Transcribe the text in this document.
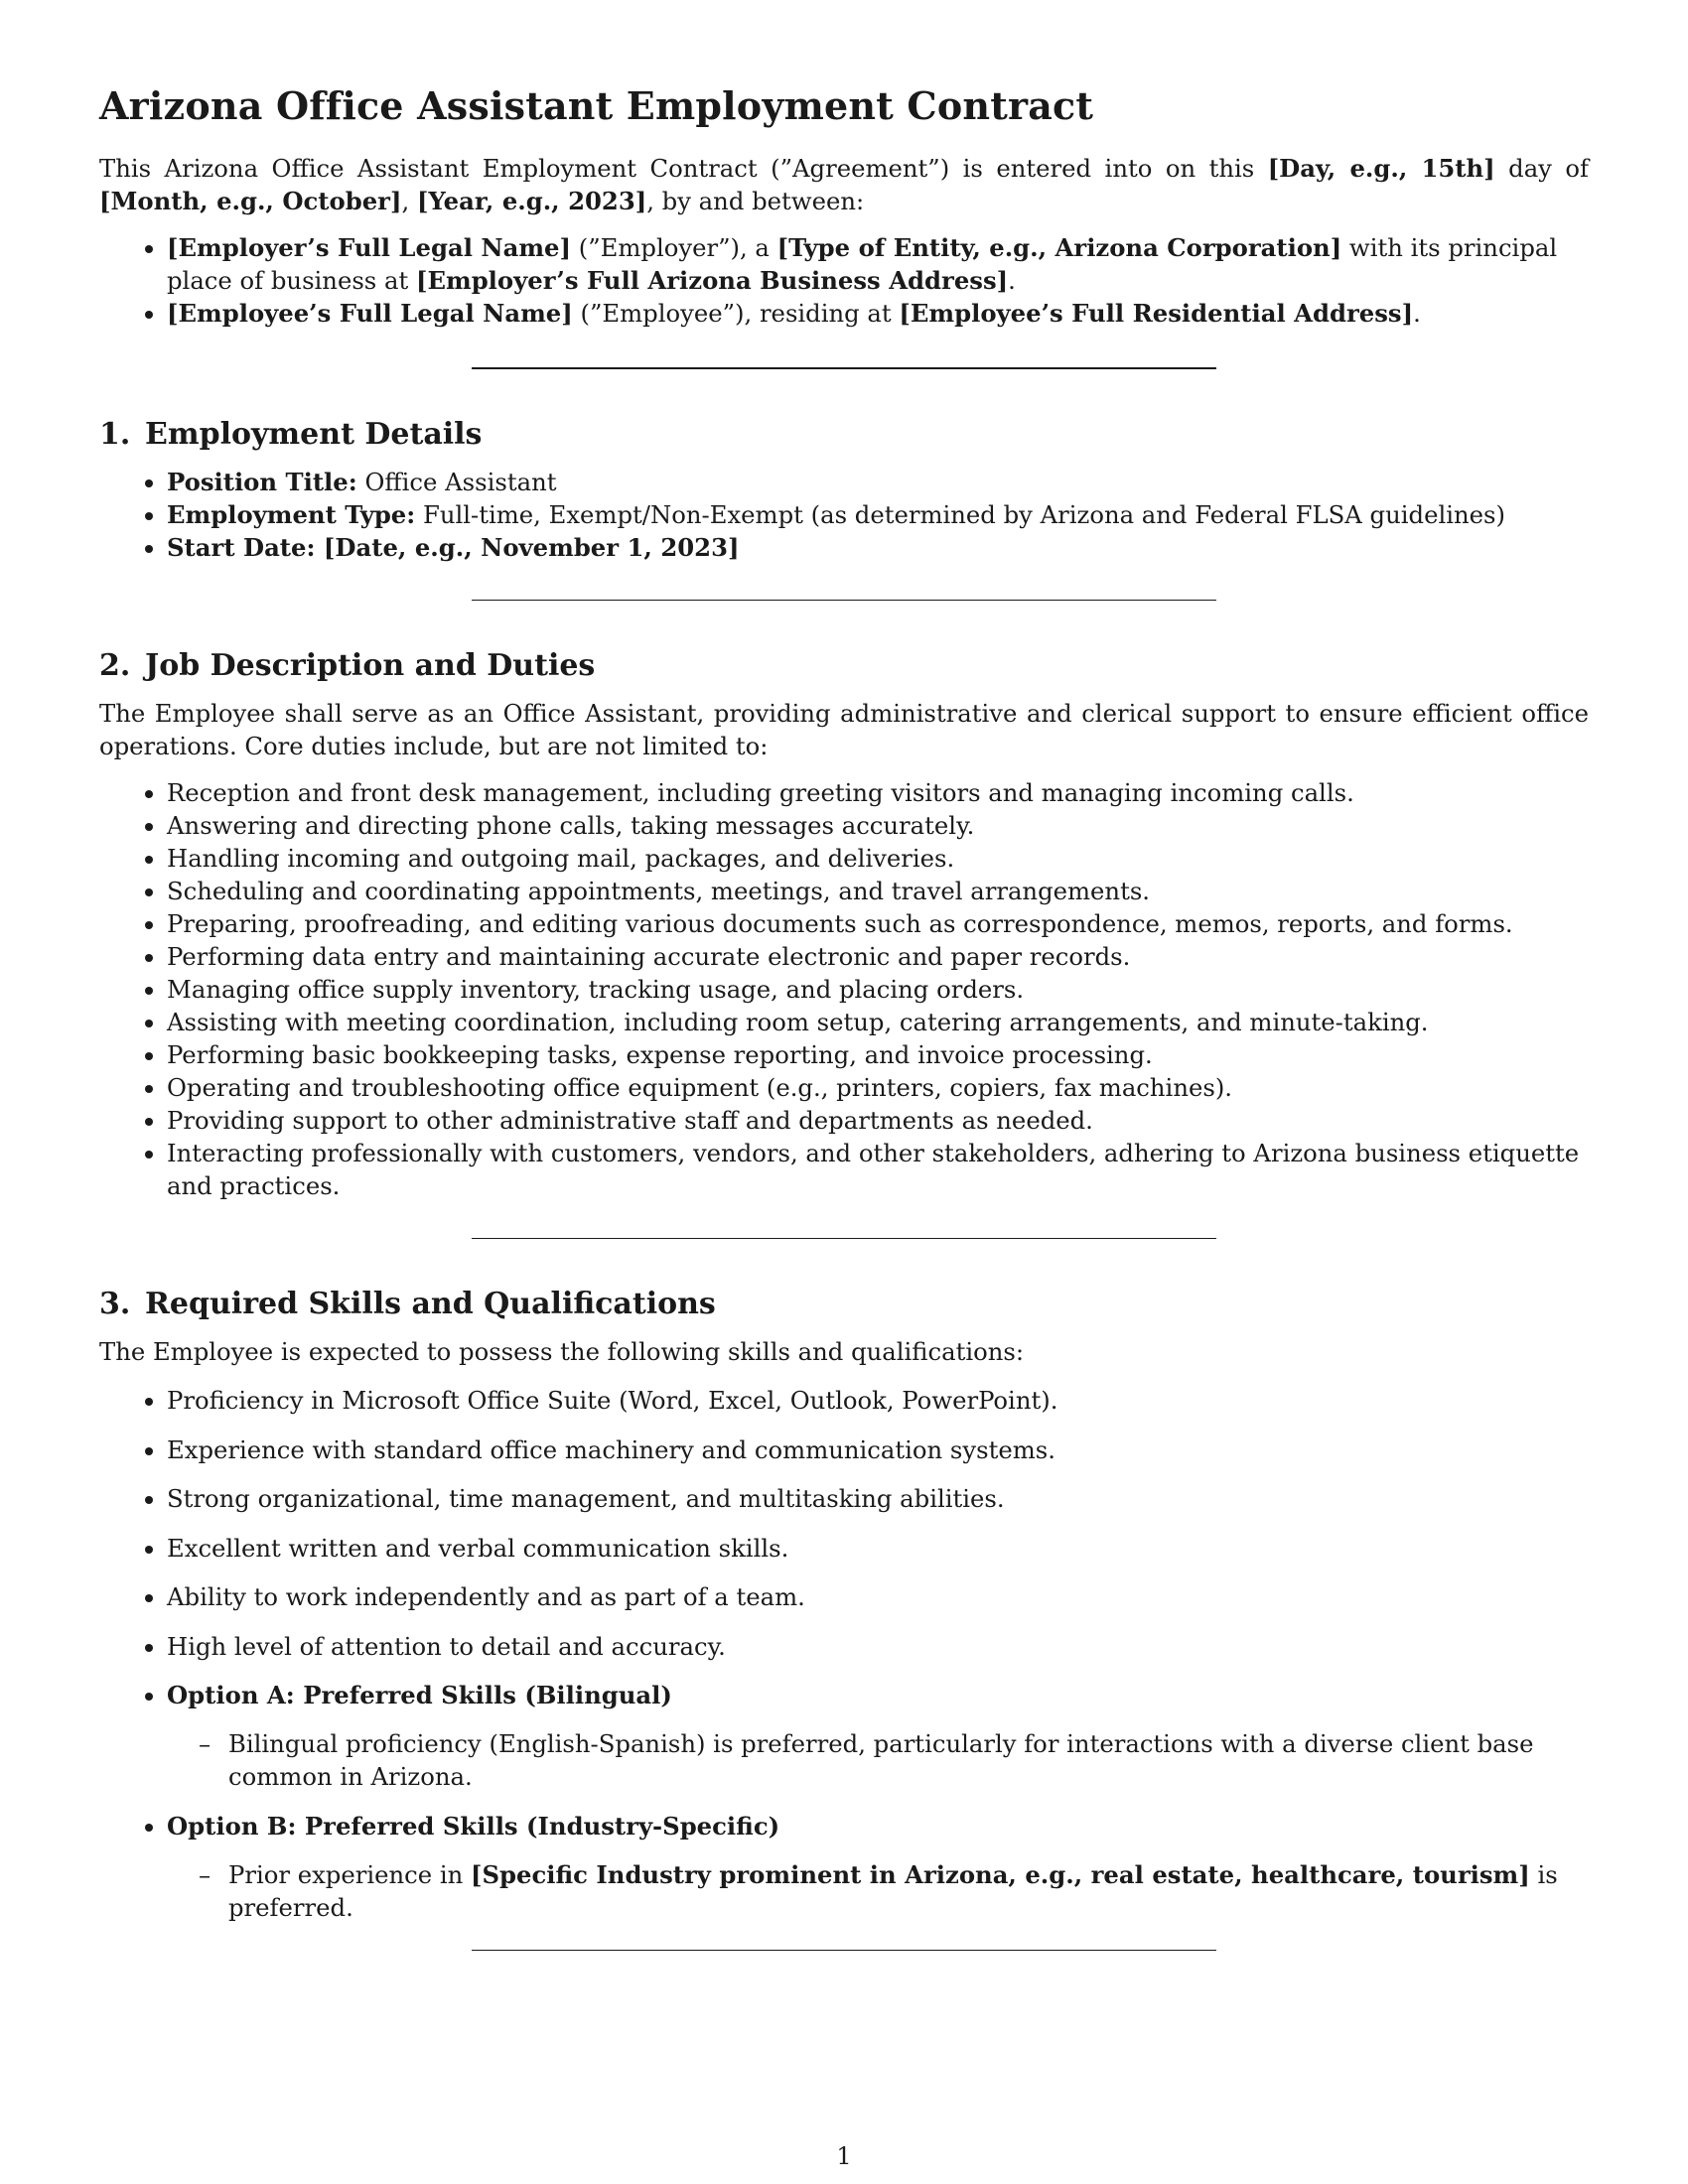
Arizona Office Assistant Employment Contract

This Arizona Office Assistant Employment Contract (”Agreement”) is entered into on this [Day, e.g., 15th] day of [Month, e.g., October], [Year, e.g., 2023], by and between:

• [Employer’s Full Legal Name] (”Employer”), a [Type of Entity, e.g., Arizona Corporation] with its principal place of business at [Employer’s Full Arizona Business Address].
• [Employee’s Full Legal Name] (”Employee”), residing at [Employee’s Full Residential Address].
1. Employment Details
• Position Title: Office Assistant
• Employment Type: Full-time, Exempt/Non-Exempt (as determined by Arizona and Federal FLSA guidelines)
• Start Date: [Date, e.g., November 1, 2023]
2. Job Description and Duties

The Employee shall serve as an Office Assistant, providing administrative and clerical support to ensure efficient office operations. Core duties include, but are not limited to:

• Reception and front desk management, including greeting visitors and managing incoming calls.
• Answering and directing phone calls, taking messages accurately.
• Handling incoming and outgoing mail, packages, and deliveries.
• Scheduling and coordinating appointments, meetings, and travel arrangements.
• Preparing, proofreading, and editing various documents such as correspondence, memos, reports, and forms.
• Performing data entry and maintaining accurate electronic and paper records.
• Managing office supply inventory, tracking usage, and placing orders.
• Assisting with meeting coordination, including room setup, catering arrangements, and minute-taking.
• Performing basic bookkeeping tasks, expense reporting, and invoice processing.
• Operating and troubleshooting office equipment (e.g., printers, copiers, fax machines).
• Providing support to other administrative staff and departments as needed.
• Interacting professionally with customers, vendors, and other stakeholders, adhering to Arizona business etiquette and practices.
3. Required Skills and Qualifications

The Employee is expected to possess the following skills and qualifications:

• Proficiency in Microsoft Office Suite (Word, Excel, Outlook, PowerPoint).
• Experience with standard office machinery and communication systems.
• Strong organizational, time management, and multitasking abilities.
• Excellent written and verbal communication skills.
• Ability to work independently and as part of a team.
• High level of attention to detail and accuracy.
• Option A: Preferred Skills (Bilingual)
– Bilingual proficiency (English-Spanish) is preferred, particularly for interactions with a diverse client base common in Arizona.
• Option B: Preferred Skills (Industry-Specific)
– Prior experience in [Specific Industry prominent in Arizona, e.g., real estate, healthcare, tourism] is preferred.
1
